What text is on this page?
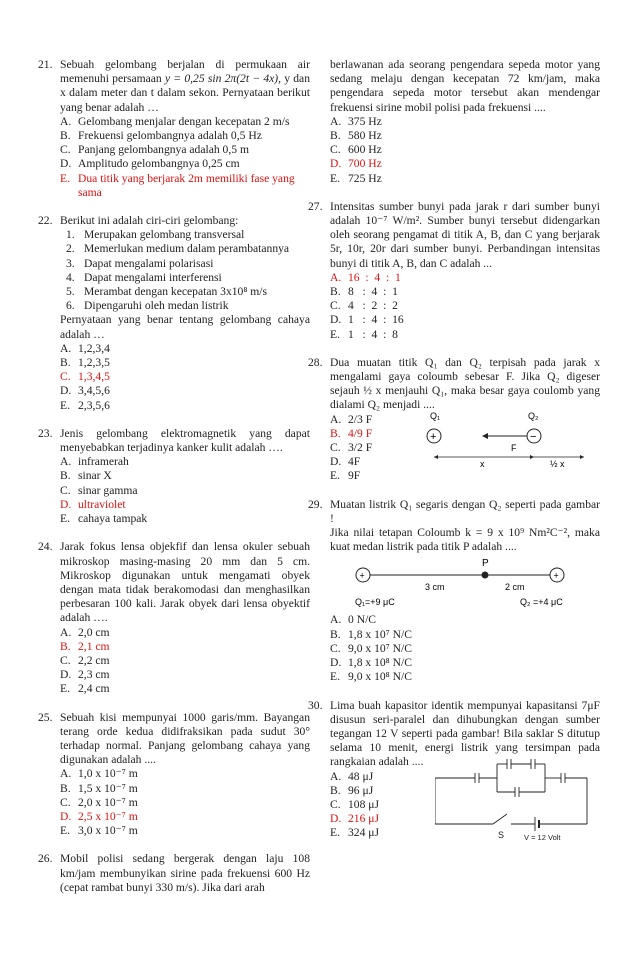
21. Sebuah gelombang berjalan di permukaan air memenuhi persamaan y = 0,25 sin 2π(2t − 4x), y dan x dalam meter dan t dalam sekon. Pernyataan berikut yang benar adalah …
A. Gelombang menjalar dengan kecepatan 2 m/s
B. Frekuensi gelombangnya adalah 0,5 Hz
C. Panjang gelombangnya adalah 0,5 m
D. Amplitudo gelombangnya 0,25 cm
E. Dua titik yang berjarak 2m memiliki fase yang sama
22. Berikut ini adalah ciri-ciri gelombang:
1. Merupakan gelombang transversal
2. Memerlukan medium dalam perambatannya
3. Dapat mengalami polarisasi
4. Dapat mengalami interferensi
5. Merambat dengan kecepatan 3x10⁸ m/s
6. Dipengaruhi oleh medan listrik
Pernyataan yang benar tentang gelombang cahaya adalah …
A. 1,2,3,4
B. 1,2,3,5
C. 1,3,4,5
D. 3,4,5,6
E. 2,3,5,6
23. Jenis gelombang elektromagnetik yang dapat menyebabkan terjadinya kanker kulit adalah ….
A. inframerah
B. sinar X
C. sinar gamma
D. ultraviolet
E. cahaya tampak
24. Jarak fokus lensa objekfif dan lensa okuler sebuah mikroskop masing-masing 20 mm dan 5 cm. Mikroskop digunakan untuk mengamati obyek dengan mata tidak berakomodasi dan menghasilkan perbesaran 100 kali. Jarak obyek dari lensa obyektif adalah ….
A. 2,0 cm
B. 2,1 cm
C. 2,2 cm
D. 2,3 cm
E. 2,4 cm
25. Sebuah kisi mempunyai 1000 garis/mm. Bayangan terang orde kedua didifraksikan pada sudut 30° terhadap normal. Panjang gelombang cahaya yang digunakan adalah ....
A. 1,0 x 10⁻⁷ m
B. 1,5 x 10⁻⁷ m
C. 2,0 x 10⁻⁷ m
D. 2,5 x 10⁻⁷ m
E. 3,0 x 10⁻⁷ m
26. Mobil polisi sedang bergerak dengan laju 108 km/jam membunyikan sirine pada frekuensi 600 Hz (cepat rambat bunyi 330 m/s). Jika dari arah
berlawanan ada seorang pengendara sepeda motor yang sedang melaju dengan kecepatan 72 km/jam, maka pengendara sepeda motor tersebut akan mendengar frekuensi sirine mobil polisi pada frekuensi ....
A. 375 Hz
B. 580 Hz
C. 600 Hz
D. 700 Hz
E. 725 Hz
27. Intensitas sumber bunyi pada jarak r dari sumber bunyi adalah 10⁻⁷ W/m². Sumber bunyi tersebut didengarkan oleh seorang pengamat di titik A, B, dan C yang berjarak 5r, 10r, 20r dari sumber bunyi. Perbandingan intensitas bunyi di titik A, B, dan C adalah ...
A. 16  :  4  :  1
B. 8   :  4  :  1
C. 4   :  2  :  2
D. 1   :  4  :  16
E. 1   :  4  :  8
28. Dua muatan titik Q₁ dan Q₂ terpisah pada jarak x mengalami gaya coloumb sebesar F. Jika Q₂ digeser sejauh ½ x menjauhi Q₁, maka besar gaya coulomb yang dialami Q₂ menjadi ....
A. 2/3 F
B. 4/9 F
C. 3/2 F
D. 4F
E. 9F
Q₁	Q₂
+	−
F
x	½ x
29. Muatan listrik Q₁ segaris dengan Q₂ seperti pada gambar !
Jika nilai tetapan Coloumb k = 9 x 10⁹ Nm²C⁻², maka kuat medan listrik pada titik P adalah ....
P
+	+
3 cm	2 cm
Q₁=+9 μC	Q₂ =+4 μC
A. 0 N/C
B. 1,8 x 10⁷ N/C
C. 9,0 x 10⁷ N/C
D. 1,8 x 10⁸ N/C
E. 9,0 x 10⁸ N/C
30. Lima buah kapasitor identik mempunyai kapasitansi 7μF disusun seri-paralel dan dihubungkan dengan sumber tegangan 12 V seperti pada gambar! Bila saklar S ditutup selama 10 menit, energi listrik yang tersimpan pada rangkaian adalah ....
A. 48 μJ
B. 96 μJ
C. 108 μJ
D. 216 μJ
E. 324 μJ	S	V = 12 Volt
